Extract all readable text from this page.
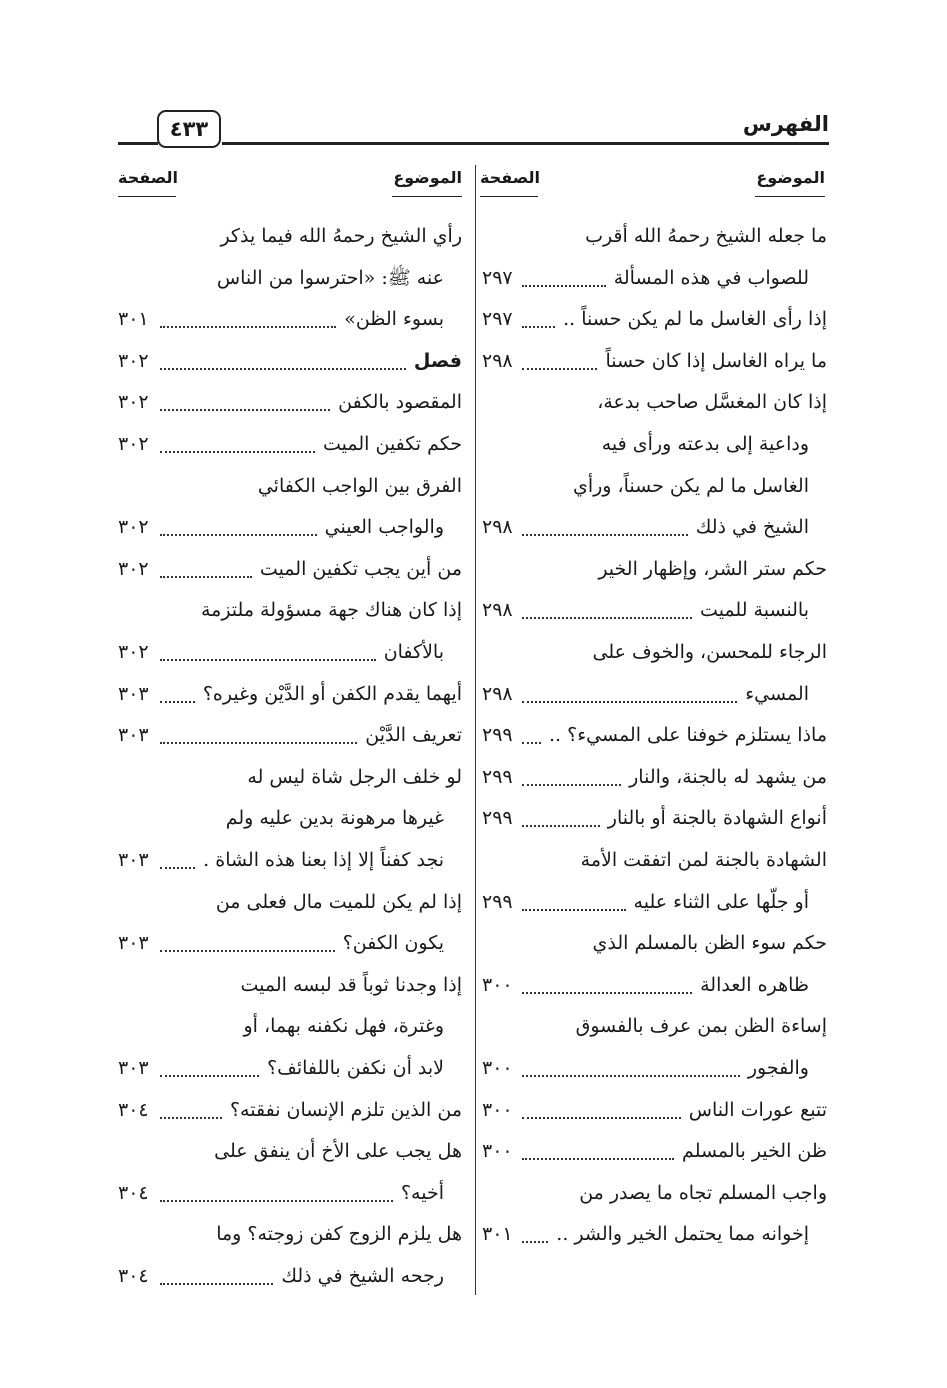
الفهرس
٤٣٣
الموضوع
الصفحة
الموضوع
الصفحة
ما جعله الشيخ رحمهُ الله أقرب
للصواب في هذه المسألة
٢٩٧
إذا رأى الغاسل ما لم يكن حسناً ..
٢٩٧
ما يراه الغاسل إذا كان حسناً
٢٩٨
إذا كان المغسَّل صاحب بدعة،
وداعية إلى بدعته ورأى فيه
الغاسل ما لم يكن حسناً، ورأي
الشيخ في ذلك
٢٩٨
حكم ستر الشر، وإظهار الخير
بالنسبة للميت
٢٩٨
الرجاء للمحسن، والخوف على
المسيء
٢٩٨
ماذا يستلزم خوفنا على المسيء؟ ..
٢٩٩
من يشهد له بالجنة، والنار
٢٩٩
أنواع الشهادة بالجنة أو بالنار
٢٩٩
الشهادة بالجنة لمن اتفقت الأمة
أو جلّها على الثناء عليه
٢٩٩
حكم سوء الظن بالمسلم الذي
ظاهره العدالة
٣٠٠
إساءة الظن بمن عرف بالفسوق
والفجور
٣٠٠
تتبع عورات الناس
٣٠٠
ظن الخير بالمسلم
٣٠٠
واجب المسلم تجاه ما يصدر من
إخوانه مما يحتمل الخير والشر ..
٣٠١
رأي الشيخ رحمهُ الله فيما يذكر
عنه ﷺ: «احترسوا من الناس
بسوء الظن»
٣٠١
فصل
٣٠٢
المقصود بالكفن
٣٠٢
حكم تكفين الميت
٣٠٢
الفرق بين الواجب الكفائي
والواجب العيني
٣٠٢
من أين يجب تكفين الميت
٣٠٢
إذا كان هناك جهة مسؤولة ملتزمة
بالأكفان
٣٠٢
أيهما يقدم الكفن أو الدَّيْن وغيره؟
٣٠٣
تعريف الدَّيْن
٣٠٣
لو خلف الرجل شاة ليس له
غيرها مرهونة بدين عليه ولم
نجد كفناً إلا إذا بعنا هذه الشاة .
٣٠٣
إذا لم يكن للميت مال فعلى من
يكون الكفن؟
٣٠٣
إذا وجدنا ثوباً قد لبسه الميت
وغترة، فهل نكفنه بهما، أو
لابد أن نكفن باللفائف؟
٣٠٣
من الذين تلزم الإنسان نفقته؟
٣٠٤
هل يجب على الأخ أن ينفق على
أخيه؟
٣٠٤
هل يلزم الزوج كفن زوجته؟ وما
رجحه الشيخ في ذلك
٣٠٤
